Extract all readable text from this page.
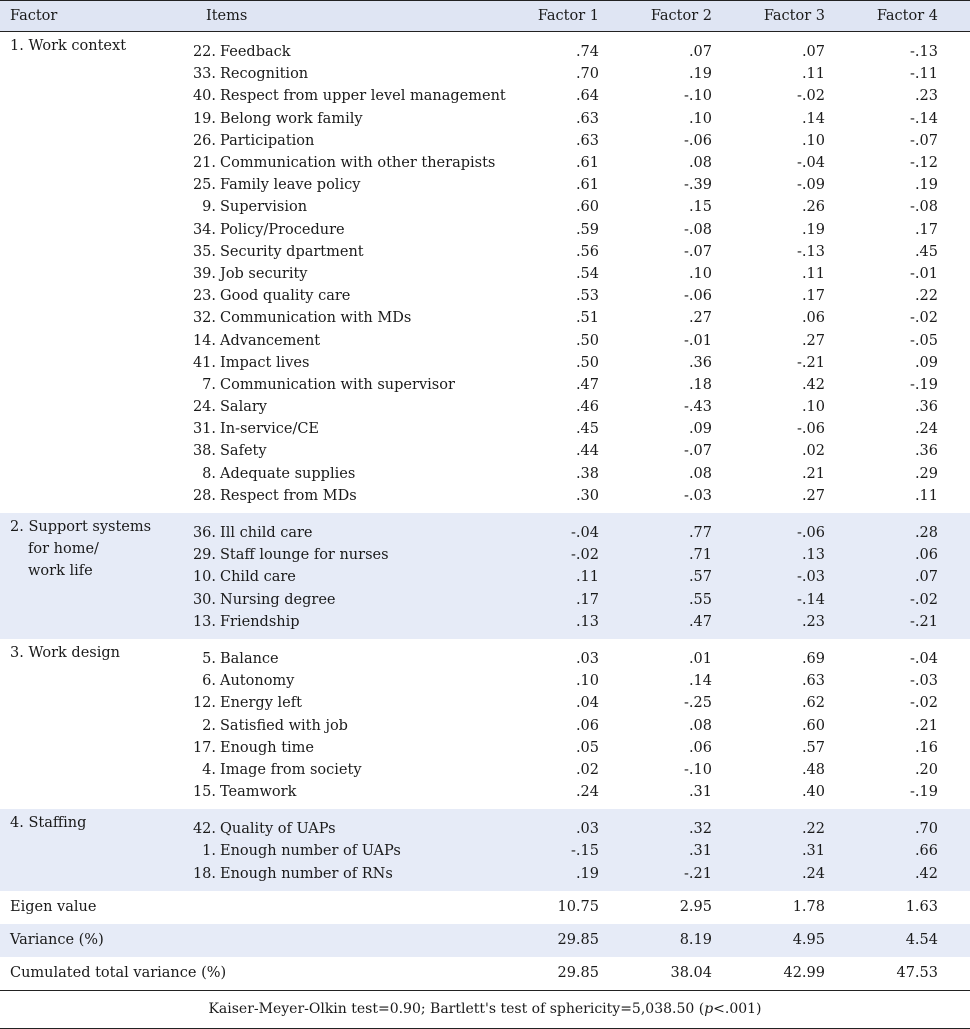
Factor	Items	Factor 1	Factor 2	Factor 3	Factor 4

1. Work context	22. Feedback	.74	.07	.07	-.13
	33. Recognition	.70	.19	.11	-.11
	40. Respect from upper level management	.64	-.10	-.02	.23
	19. Belong work family	.63	.10	.14	-.14
	26. Participation	.63	-.06	.10	-.07
	21. Communication with other therapists	.61	.08	-.04	-.12
	25. Family leave policy	.61	-.39	-.09	.19
	9. Supervision	.60	.15	.26	-.08
	34. Policy/Procedure	.59	-.08	.19	.17
	35. Security dpartment	.56	-.07	-.13	.45
	39. Job security	.54	.10	.11	-.01
	23. Good quality care	.53	-.06	.17	.22
	32. Communication with MDs	.51	.27	.06	-.02
	14. Advancement	.50	-.01	.27	-.05
	41. Impact lives	.50	.36	-.21	.09
	7. Communication with supervisor	.47	.18	.42	-.19
	24. Salary	.46	-.43	.10	.36
	31. In-service/CE	.45	.09	-.06	.24
	38. Safety	.44	-.07	.02	.36
	8. Adequate supplies	.38	.08	.21	.29
	28. Respect from MDs	.30	-.03	.27	.11

2. Support systems
for home/
work life	36. Ill child care	-.04	.77	-.06	.28
	29. Staff lounge for nurses	-.02	.71	.13	.06
	10. Child care	.11	.57	-.03	.07
	30. Nursing degree	.17	.55	-.14	-.02
	13. Friendship	.13	.47	.23	-.21

3. Work design	5. Balance	.03	.01	.69	-.04
	6. Autonomy	.10	.14	.63	-.03
	12. Energy left	.04	-.25	.62	-.02
	2. Satisfied with job	.06	.08	.60	.21
	17. Enough time	.05	.06	.57	.16
	4. Image from society	.02	-.10	.48	.20
	15. Teamwork	.24	.31	.40	-.19

4. Staffing	42. Quality of UAPs	.03	.32	.22	.70
	1. Enough number of UAPs	-.15	.31	.31	.66
	18. Enough number of RNs	.19	-.21	.24	.42
Eigen value		10.75	2.95	1.78	1.63
Variance (%)		29.85	8.19	4.95	4.54
Cumulated total variance (%)		29.85	38.04	42.99	47.53
Kaiser-Meyer-Olkin test=0.90; Bartlett's test of sphericity=5,038.50 (p<.001)					
